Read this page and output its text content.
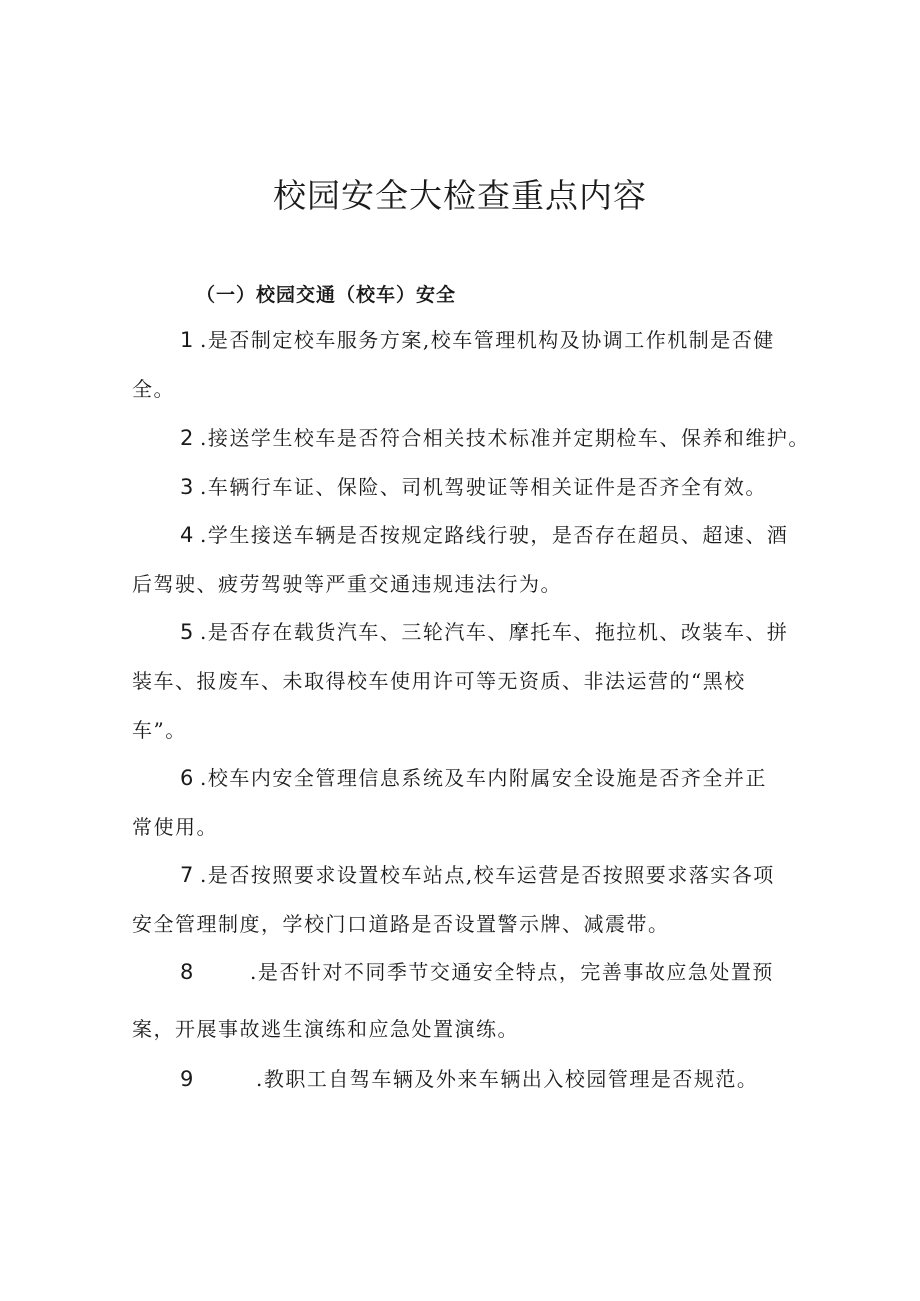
校园安全大检查重点内容
（一）校园交通（校车）安全
1 .是否制定校车服务方案,校车管理机构及协调工作机制是否健
全。
2 .接送学生校车是否符合相关技术标准并定期检车、保养和维护。
3 .车辆行车证、保险、司机驾驶证等相关证件是否齐全有效。
4 .学生接送车辆是否按规定路线行驶，是否存在超员、超速、酒
后驾驶、疲劳驾驶等严重交通违规违法行为。
5 .是否存在载货汽车、三轮汽车、摩托车、拖拉机、改装车、拼
装车、报废车、未取得校车使用许可等无资质、非法运营的“黑校
车”。
6 .校车内安全管理信息系统及车内附属安全设施是否齐全并正
常使用。
7 .是否按照要求设置校车站点,校车运营是否按照要求落实各项
安全管理制度，学校门口道路是否设置警示牌、减震带。
8	.是否针对不同季节交通安全特点，完善事故应急处置预
案，开展事故逃生演练和应急处置演练。
9	.教职工自驾车辆及外来车辆出入校园管理是否规范。
